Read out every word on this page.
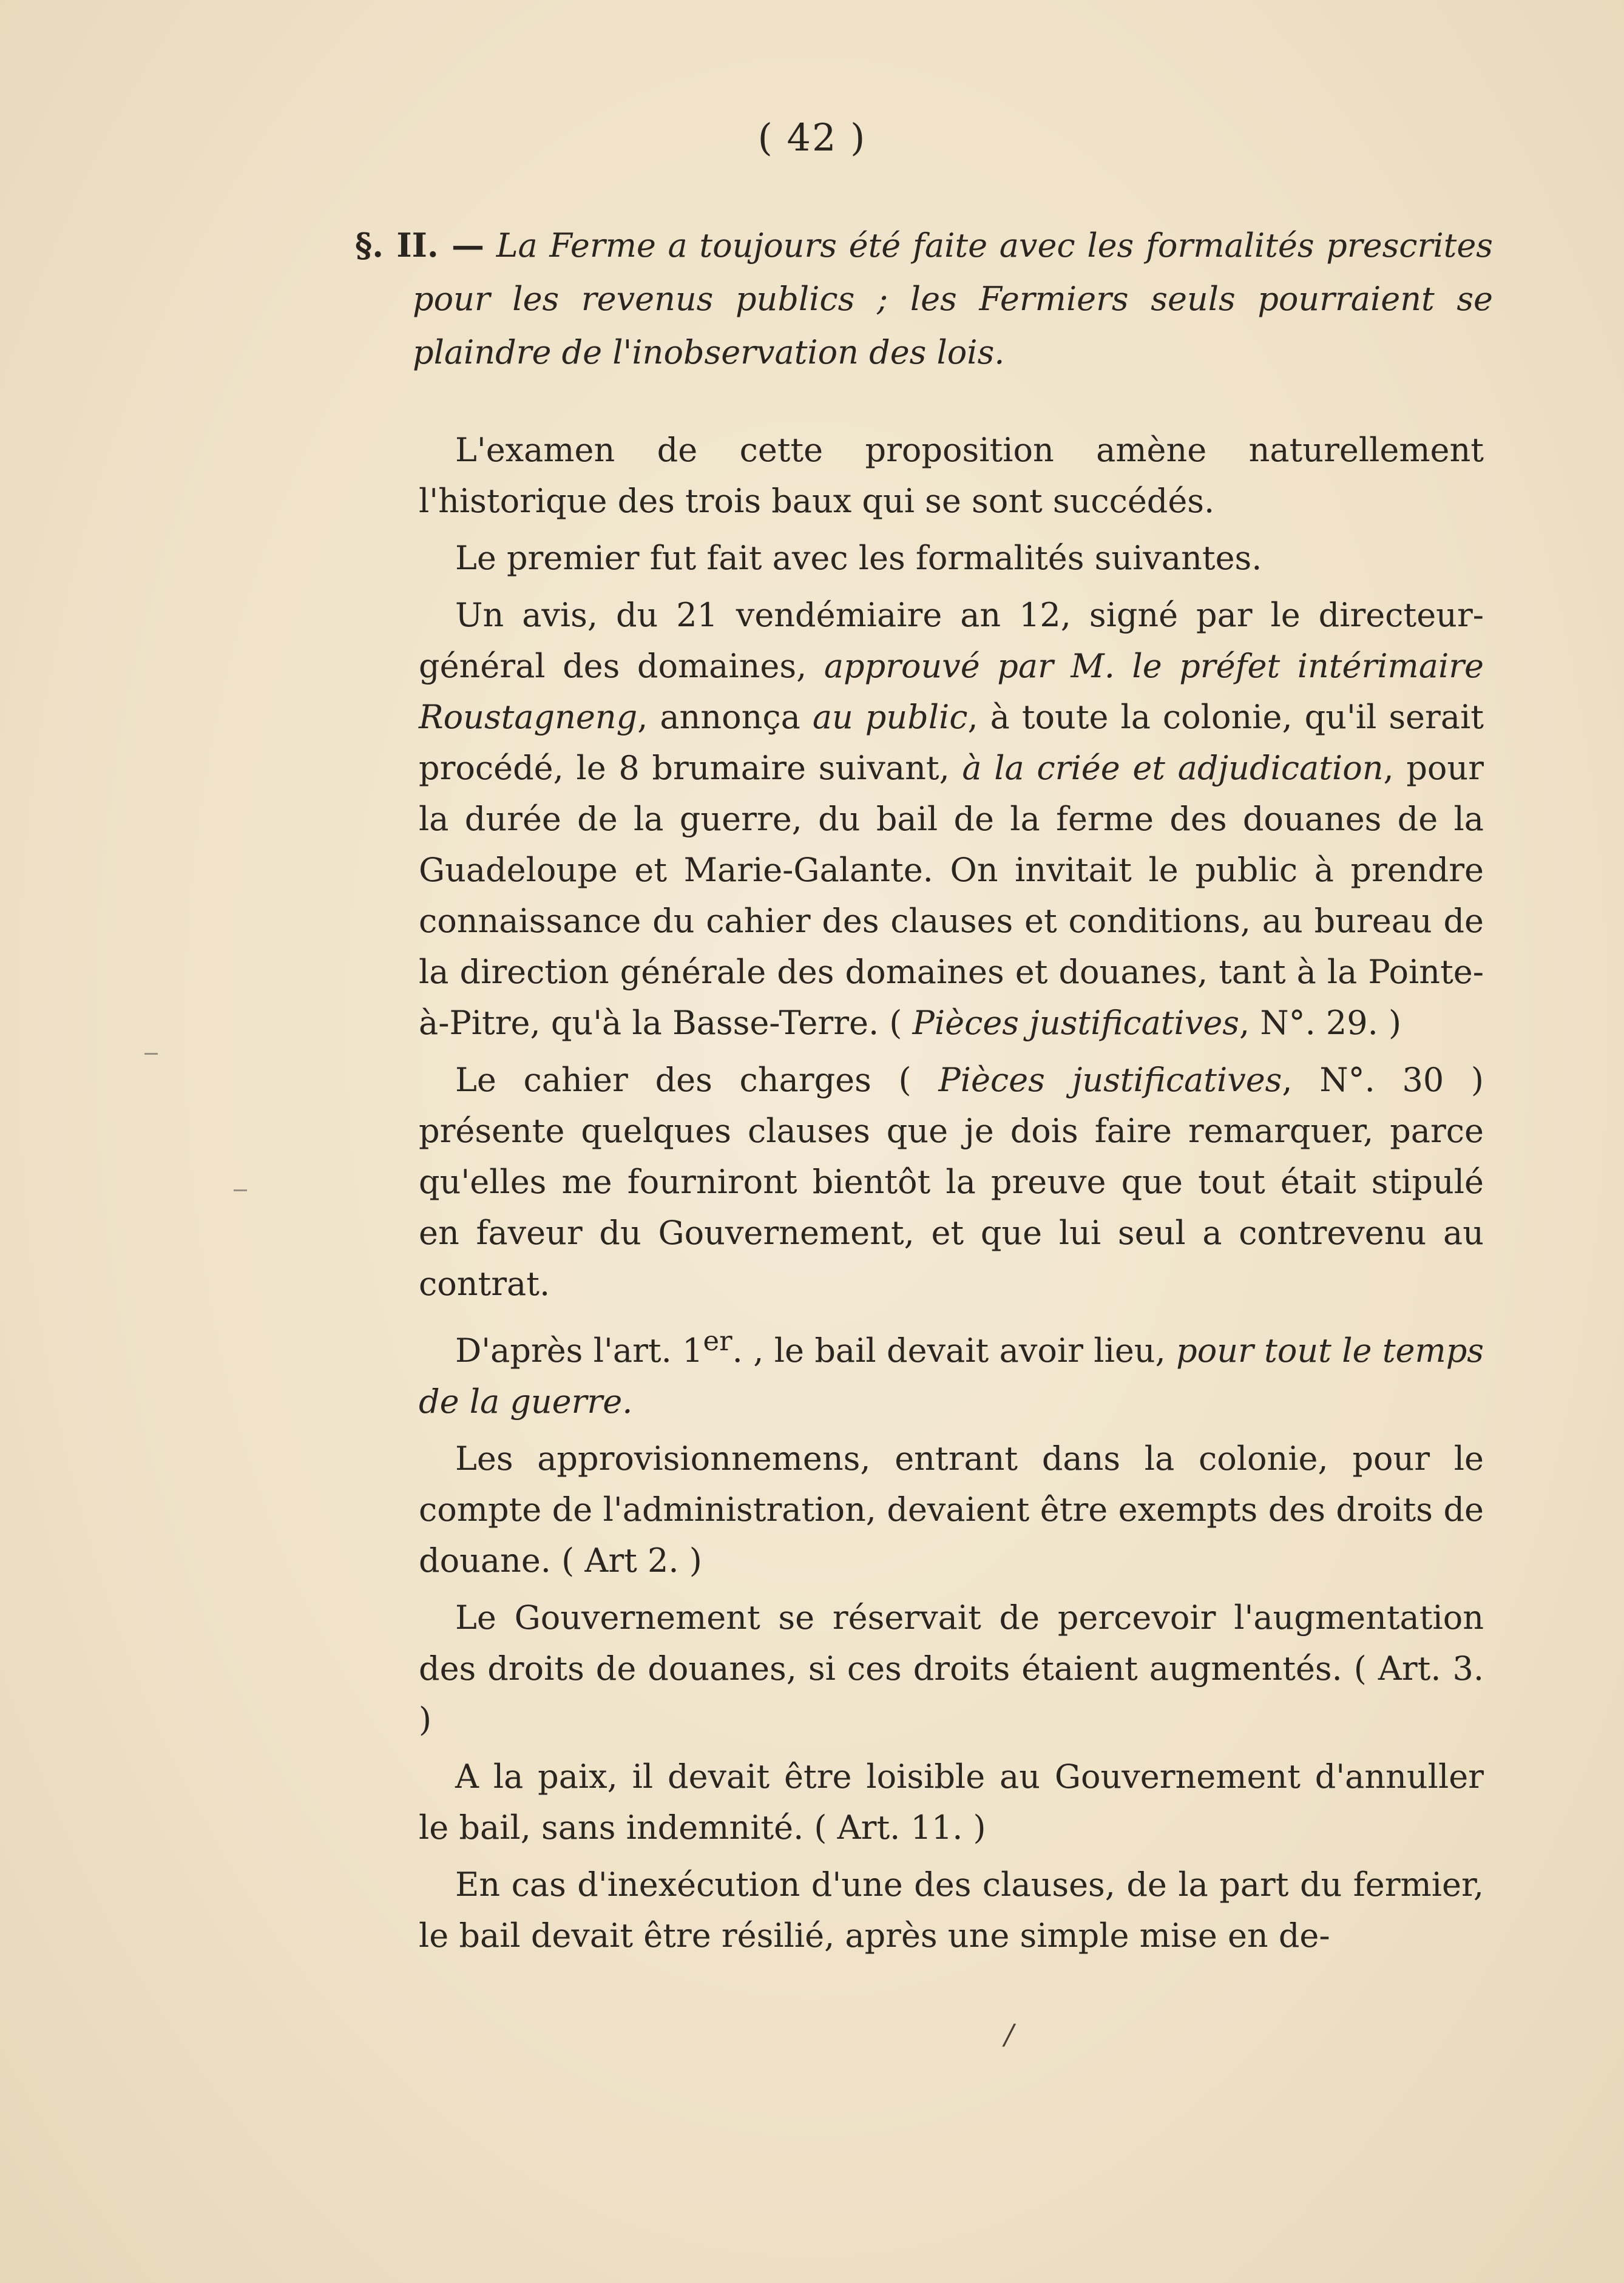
( 42 )
§. II. — La Ferme a toujours été faite avec les formalités prescrites pour les revenus publics ; les Fermiers seuls pourraient se plaindre de l'inobservation des lois.

L'examen de cette proposition amène naturellement l'historique des trois baux qui se sont succédés.

Le premier fut fait avec les formalités suivantes.

Un avis, du 21 vendémiaire an 12, signé par le directeur-général des domaines, approuvé par M. le préfet intérimaire Roustagneng, annonça au public, à toute la colonie, qu'il serait procédé, le 8 brumaire suivant, à la criée et adjudication, pour la durée de la guerre, du bail de la ferme des douanes de la Guadeloupe et Marie-Galante. On invitait le public à prendre connaissance du cahier des clauses et conditions, au bureau de la direction générale des domaines et douanes, tant à la Pointe-à-Pitre, qu'à la Basse-Terre. ( Pièces justificatives, N°. 29. )

Le cahier des charges ( Pièces justificatives, N°. 30 ) présente quelques clauses que je dois faire remarquer, parce qu'elles me fourniront bientôt la preuve que tout était stipulé en faveur du Gouvernement, et que lui seul a contrevenu au contrat.

D'après l'art. 1er. , le bail devait avoir lieu, pour tout le temps de la guerre.

Les approvisionnemens, entrant dans la colonie, pour le compte de l'administration, devaient être exempts des droits de douane. ( Art 2. )

Le Gouvernement se réservait de percevoir l'augmentation des droits de douanes, si ces droits étaient augmentés. ( Art. 3. )

A la paix, il devait être loisible au Gouvernement d'annuller le bail, sans indemnité. ( Art. 11. )

En cas d'inexécution d'une des clauses, de la part du fermier, le bail devait être résilié, après une simple mise en de-

/
